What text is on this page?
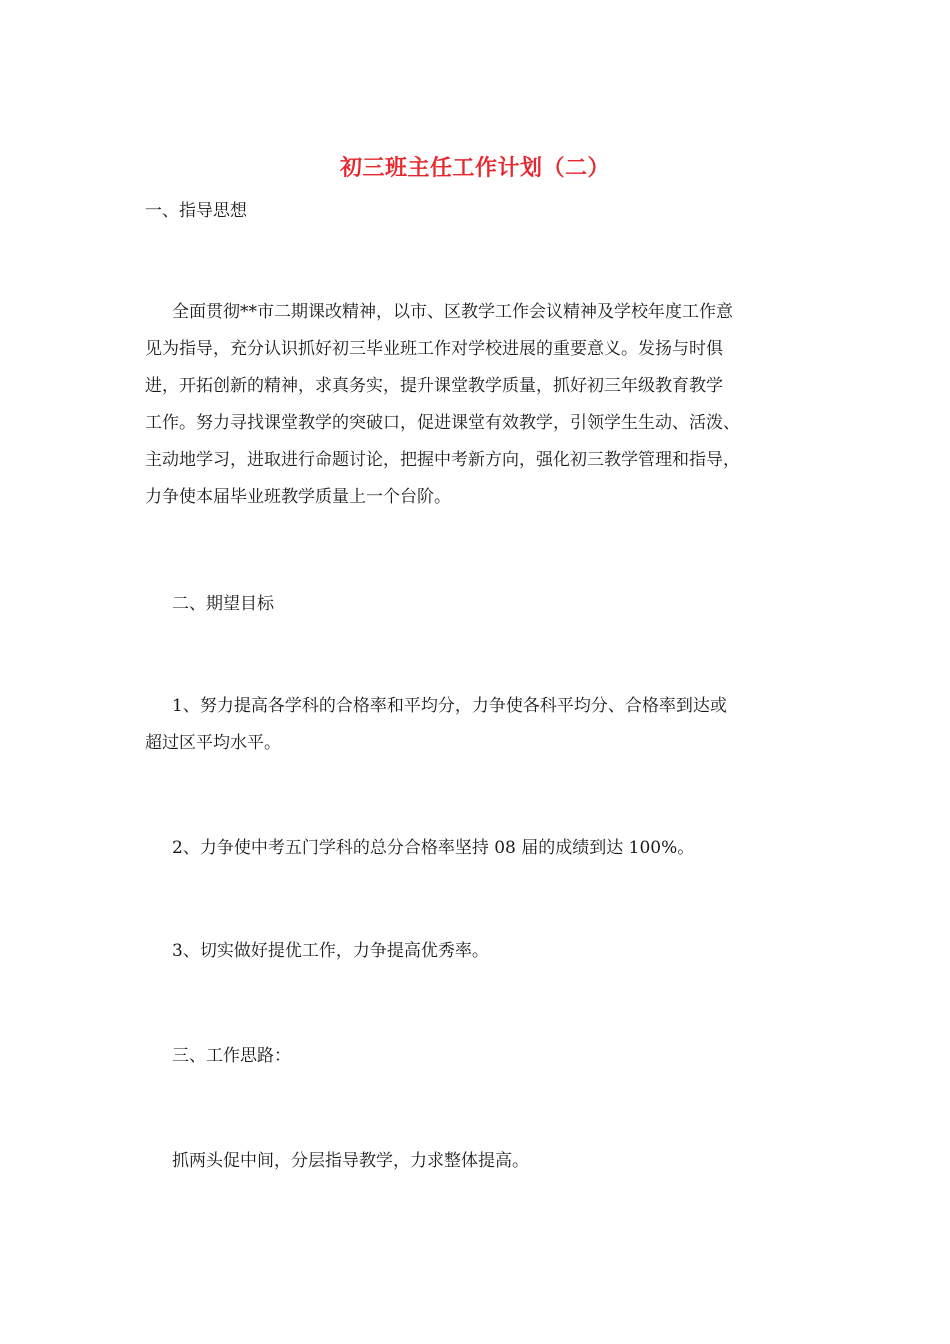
初三班主任工作计划（二）
一、指导思想
全面贯彻**市二期课改精神，以市、区教学工作会议精神及学校年度工作意
见为指导，充分认识抓好初三毕业班工作对学校进展的重要意义。发扬与时俱
进，开拓创新的精神，求真务实，提升课堂教学质量，抓好初三年级教育教学
工作。努力寻找课堂教学的突破口，促进课堂有效教学，引领学生生动、活泼、
主动地学习，进取进行命题讨论，把握中考新方向，强化初三教学管理和指导，
力争使本届毕业班教学质量上一个台阶。
二、期望目标
1、努力提高各学科的合格率和平均分，力争使各科平均分、合格率到达或
超过区平均水平。
2、力争使中考五门学科的总分合格率坚持 08 届的成绩到达 100%。
3、切实做好提优工作，力争提高优秀率。
三、工作思路：
抓两头促中间，分层指导教学，力求整体提高。
